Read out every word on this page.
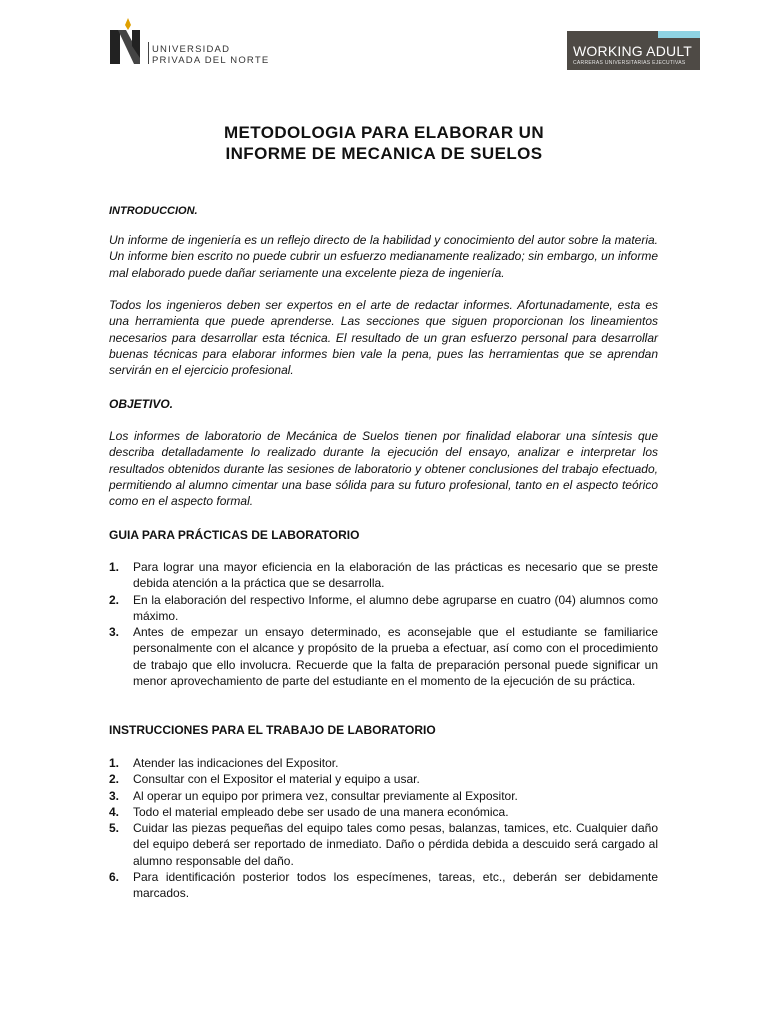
UNIVERSIDAD
PRIVADA DEL NORTE
WORKING ADULT
CARRERAS UNIVERSITARIAS EJECUTIVAS
METODOLOGIA PARA ELABORAR UN
INFORME DE MECANICA DE SUELOS
INTRODUCCION.
Un informe de ingeniería es un reflejo directo de la habilidad y conocimiento del autor sobre la materia. Un informe bien escrito no puede cubrir un esfuerzo medianamente realizado; sin embargo, un informe mal elaborado puede dañar seriamente una excelente pieza de ingeniería.
Todos los ingenieros deben ser expertos en el arte de redactar informes. Afortunadamente, esta es una herramienta que puede aprenderse. Las secciones que siguen proporcionan los lineamientos necesarios para desarrollar esta técnica. El resultado de un gran esfuerzo personal para desarrollar buenas técnicas para elaborar informes bien vale la pena, pues las herramientas que se aprendan servirán en el ejercicio profesional.
OBJETIVO.
Los informes de laboratorio de Mecánica de Suelos tienen por finalidad elaborar una síntesis que describa detalladamente lo realizado durante la ejecución del ensayo, analizar e interpretar los resultados obtenidos durante las sesiones de laboratorio y obtener conclusiones del trabajo efectuado, permitiendo al alumno cimentar una base sólida para su futuro profesional, tanto en el aspecto teórico como en el aspecto formal.
GUIA PARA PRÁCTICAS DE LABORATORIO
1. Para lograr una mayor eficiencia en la elaboración de las prácticas es necesario que se preste debida atención a la práctica que se desarrolla.
2. En la elaboración del respectivo Informe, el alumno debe agruparse en cuatro (04) alumnos como máximo.
3. Antes de empezar un ensayo determinado, es aconsejable que el estudiante se familiarice personalmente con el alcance y propósito de la prueba a efectuar, así como con el procedimiento de trabajo que ello involucra. Recuerde que la falta de preparación personal puede significar un menor aprovechamiento de parte del estudiante en el momento de la ejecución de su práctica.
INSTRUCCIONES PARA EL TRABAJO DE LABORATORIO
1. Atender las indicaciones del Expositor.
2. Consultar con el Expositor el material y equipo a usar.
3. Al operar un equipo por primera vez, consultar previamente al Expositor.
4. Todo el material empleado debe ser usado de una manera económica.
5. Cuidar las piezas pequeñas del equipo tales como pesas, balanzas, tamices, etc. Cualquier daño del equipo deberá ser reportado de inmediato. Daño o pérdida debida a descuido será cargado al alumno responsable del daño.
6. Para identificación posterior todos los especímenes, tareas, etc., deberán ser debidamente marcados.
